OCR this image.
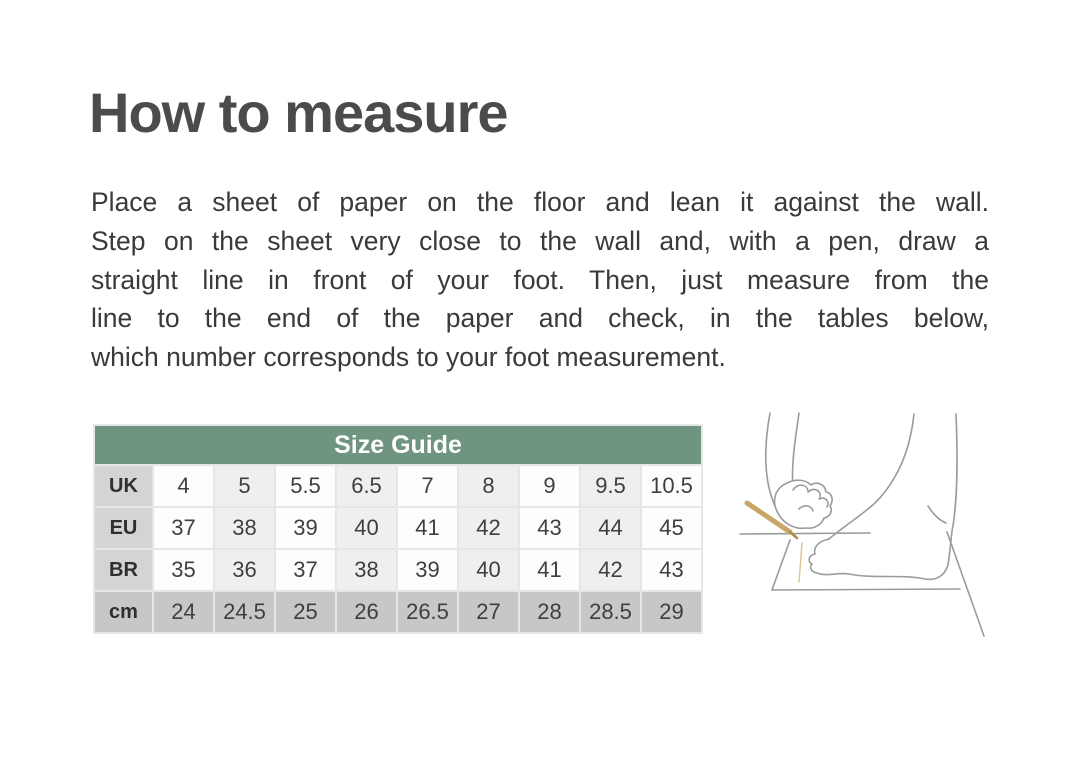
How to measure
Place a sheet of paper on the floor and lean it against the wall.
Step on the sheet very close to the wall and, with a pen, draw a
straight line in front of your foot. Then, just measure from the
line to the end of the paper and check, in the tables below,
which number corresponds to your foot measurement.
Size Guide									
UK	4	5	5.5	6.5	7	8	9	9.5	10.5
EU	37	38	39	40	41	42	43	44	45
BR	35	36	37	38	39	40	41	42	43
cm	24	24.5	25	26	26.5	27	28	28.5	29
